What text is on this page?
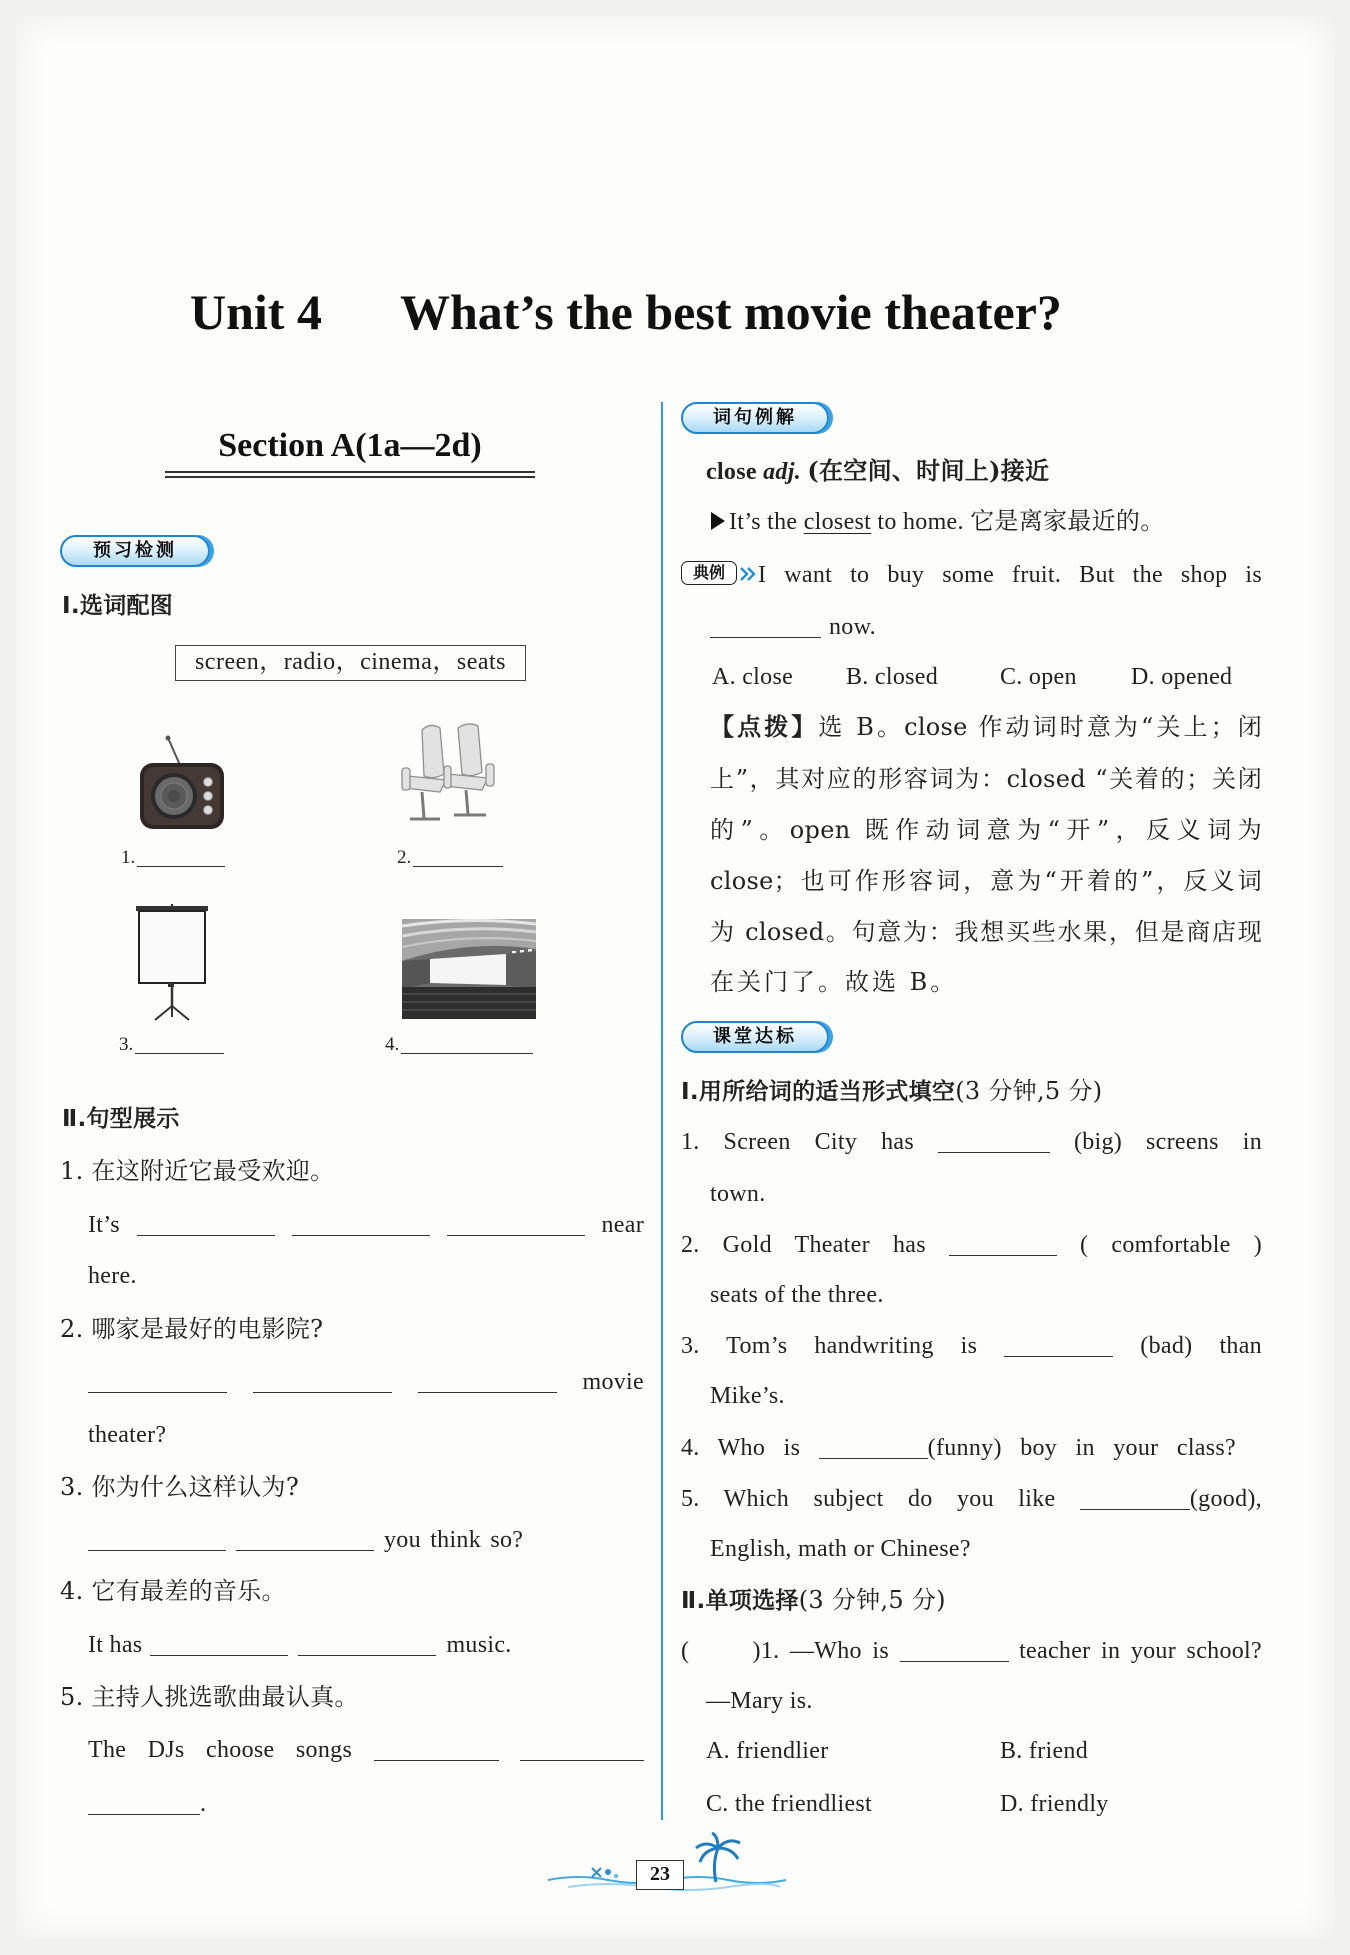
Unit 4 What’s the best movie theater?
Section A(1a—2d)
预习检测
Ⅰ.选词配图
screen，radio，cinema，seats
1.	2.
3.	4.
Ⅱ.句型展示
1. 在这附近它最受欢迎。
It’s	near
here.
2. 哪家是最好的电影院?
movie
theater?
3. 你为什么这样认为?
you think so?
4. 它有最差的音乐。
It has	music.
5. 主持人挑选歌曲最认真。
The DJs choose songs
.
词句例解
close adj. (在空间、时间上)接近
It’s the closest to home. 它是离家最近的。
典例	I want to buy some fruit. But the shop is
now.
A. close B. closed	C. open D. opened
【点拨】选 B。close 作动词时意为“关上；闭
上”，其对应的形容词为：closed “关着的；关闭
的”。open 既作动词意为“开”，反义词为
close；也可作形容词，意为“开着的”，反义词
为 closed。句意为：我想买些水果，但是商店现
在关门了。故选 B。
课堂达标
Ⅰ.用所给词的适当形式填空(3 分钟,5 分)
1. Screen City has	(big) screens in
town.
2. Gold Theater has	( comfortable )
seats of the three.
3. Tom’s handwriting is	(bad) than
Mike’s.
4. Who is	(funny) boy in your class?
5. Which subject do you like	(good),
English, math or Chinese?
Ⅱ.单项选择(3 分钟,5 分)
(      )1. —Who is	teacher in your school?
—Mary is.
A. friendlier	B. friend
C. the friendliest	D. friendly
23
